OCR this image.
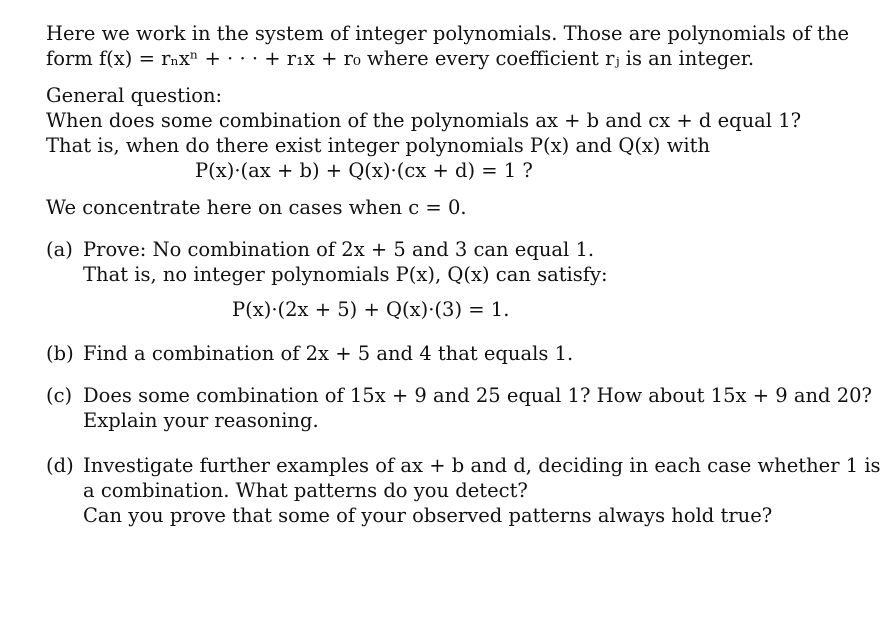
Here we work in the system of integer polynomials. Those are polynomials of the
form f(x) = rₙxⁿ + · · · + r₁x + r₀ where every coefficient rⱼ is an integer.
General question:
When does some combination of the polynomials ax + b and cx + d equal 1?
That is, when do there exist integer polynomials P(x) and Q(x) with
P(x)·(ax + b) + Q(x)·(cx + d) = 1 ?
We concentrate here on cases when c = 0.
(a) Prove: No combination of 2x + 5 and 3 can equal 1.
That is, no integer polynomials P(x), Q(x) can satisfy:
P(x)·(2x + 5) + Q(x)·(3) = 1.
(b) Find a combination of 2x + 5 and 4 that equals 1.
(c) Does some combination of 15x + 9 and 25 equal 1? How about 15x + 9 and 20?
Explain your reasoning.
(d) Investigate further examples of ax + b and d, deciding in each case whether 1 is
a combination. What patterns do you detect?
Can you prove that some of your observed patterns always hold true?
